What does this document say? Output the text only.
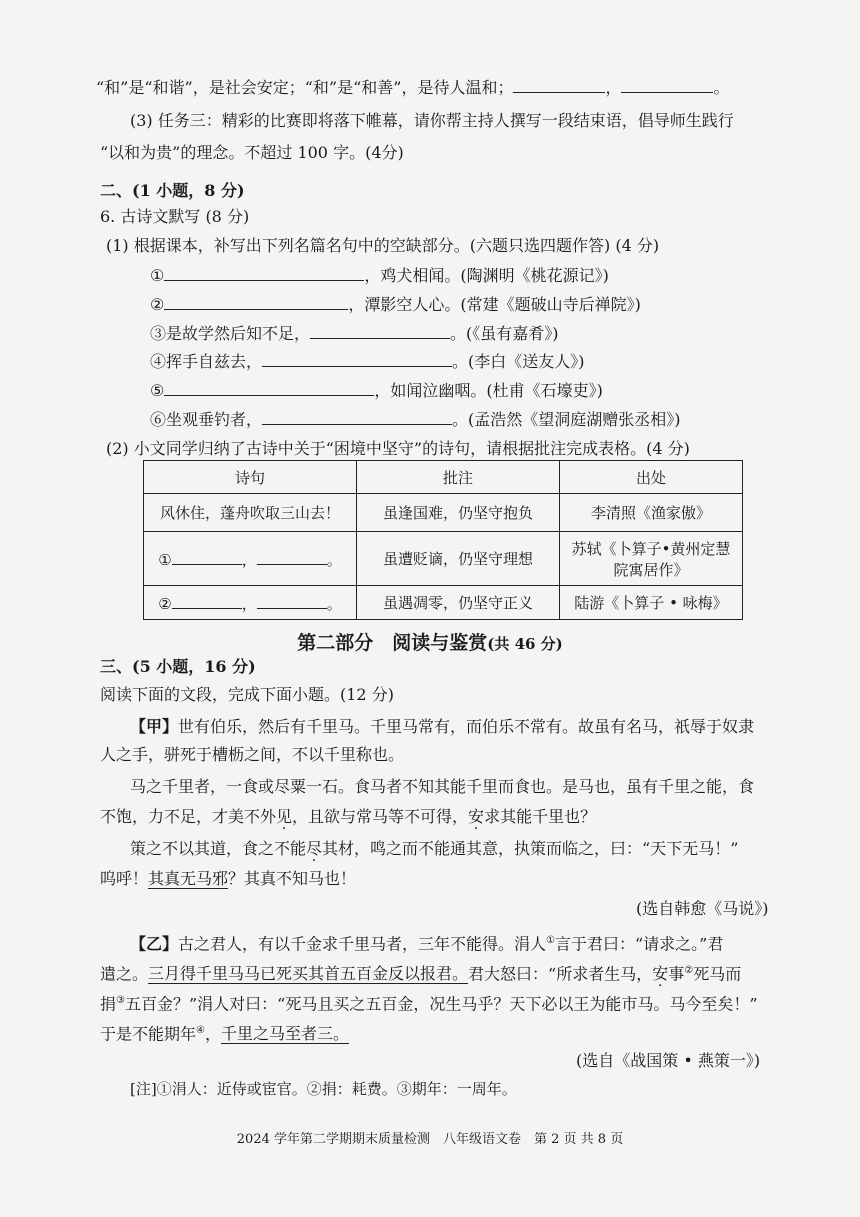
“和”是“和谐”，是社会安定；“和”是“和善”，是待人温和；	，	。
(3) 任务三：精彩的比赛即将落下帷幕，请你帮主持人撰写一段结束语，倡导师生践行
“以和为贵”的理念。不超过 100 字。(4分)
二、(1 小题，8 分)
6. 古诗文默写 (8 分)
(1) 根据课本，补写出下列名篇名句中的空缺部分。(六题只选四题作答) (4 分)
①	，鸡犬相闻。(陶渊明《桃花源记》)
②	，潭影空人心。(常建《题破山寺后禅院》)
③是故学然后知不足，	。(《虽有嘉肴》)
④挥手自兹去，	。(李白《送友人》)
⑤	，如闻泣幽咽。(杜甫《石壕吏》)
⑥坐观垂钓者，	。(孟浩然《望洞庭湖赠张丞相》)
(2) 小文同学归纳了古诗中关于“困境中坚守”的诗句，请根据批注完成表格。(4 分)
诗句	批注	出处
风休住，蓬舟吹取三山去！	虽逢国难，仍坚守抱负	李清照《渔家傲》
① ， 。	虽遭贬谪，仍坚守理想	苏轼《卜算子•黄州定慧
院寓居作》

② ， 。	虽遇凋零，仍坚守正义	陆游《卜算子 • 咏梅》
第二部分　阅读与鉴赏(共 46 分)
三、(5 小题，16 分)
阅读下面的文段，完成下面小题。(12 分)
【甲】世有伯乐，然后有千里马。千里马常有，而伯乐不常有。故虽有名马，祇辱于奴隶
人之手，骈死于槽枥之间，不以千里称也。
马之千里者，一食或尽粟一石。食马者不知其能千里而食也。是马也，虽有千里之能，食
不饱，力不足，才美不外见，且欲与常马等不可得，安求其能千里也？
策之不以其道，食之不能尽其材，鸣之而不能通其意，执策而临之，曰：“天下无马！”
呜呼！其真无马邪？其真不知马也！
(选自韩愈《马说》)
【乙】古之君人，有以千金求千里马者，三年不能得。涓人①言于君曰：“请求之。”君
遣之。三月得千里马马已死买其首五百金反以报君。君大怒曰：“所求者生马，安事②死马而
捐③五百金？”涓人对曰：“死马且买之五百金，况生马乎？天下必以王为能市马。马今至矣！”
于是不能期年④，千里之马至者三。
(选自《战国策 • 燕策一》)
[注]①涓人：近侍或宦官。②捐：耗费。③期年：一周年。
2024 学年第二学期期末质量检测　八年级语文卷　第 2 页 共 8 页
